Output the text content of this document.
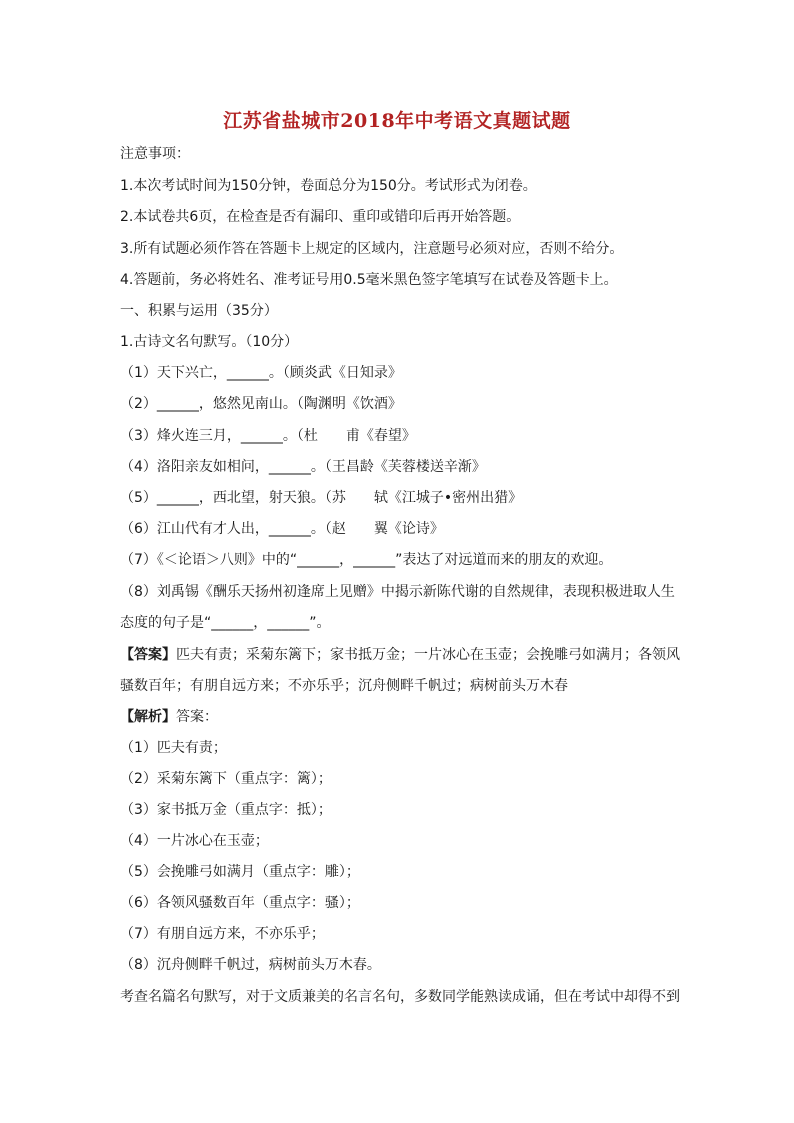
江苏省盐城市2018年中考语文真题试题
注意事项：
1.本次考试时间为150分钟，卷面总分为150分。考试形式为闭卷。
2.本试卷共6页，在检查是否有漏印、重印或错印后再开始答题。
3.所有试题必须作答在答题卡上规定的区域内，注意题号必须对应，否则不给分。
4.答题前，务必将姓名、准考证号用0.5毫米黑色签字笔填写在试卷及答题卡上。
一、积累与运用（35分）
1.古诗文名句默写。（10分）
（1）天下兴亡，______。（顾炎武《日知录》
（2）______，悠然见南山。（陶渊明《饮酒》
（3）烽火连三月，______。（杜　　甫《春望》
（4）洛阳亲友如相问，______。（王昌龄《芙蓉楼送辛渐》
（5）______，西北望，射天狼。（苏　　轼《江城子•密州出猎》
（6）江山代有才人出，______。（赵　　翼《论诗》
（7）《＜论语＞八则》中的“______，______”表达了对远道而来的朋友的欢迎。
（8）刘禹锡《酬乐天扬州初逢席上见赠》中揭示新陈代谢的自然规律，表现积极进取人生
态度的句子是“______，______”。
【答案】匹夫有责；采菊东篱下；家书抵万金；一片冰心在玉壶；会挽雕弓如满月；各领风
骚数百年；有朋自远方来；不亦乐乎；沉舟侧畔千帆过；病树前头万木春
【解析】答案：
（1）匹夫有责；
（2）采菊东篱下（重点字：篱）；
（3）家书抵万金（重点字：抵）；
（4）一片冰心在玉壶；
（5）会挽雕弓如满月（重点字：雕）；
（6）各领风骚数百年（重点字：骚）；
（7）有朋自远方来，不亦乐乎；
（8）沉舟侧畔千帆过，病树前头万木春。
考查名篇名句默写，对于文质兼美的名言名句，多数同学能熟读成诵，但在考试中却得不到
